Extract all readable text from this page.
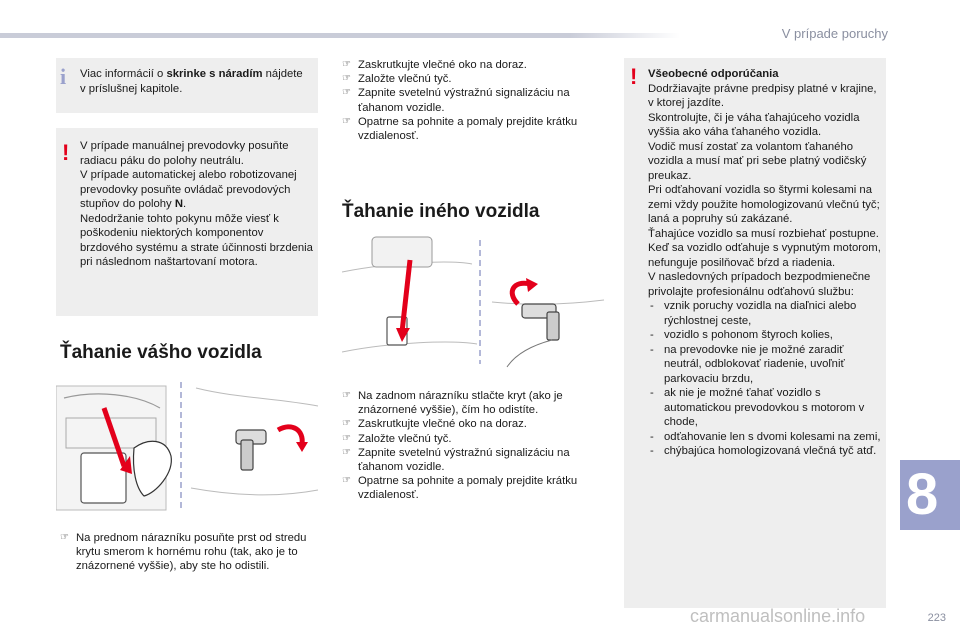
V prípade poruchy
i Viac informácií o skrinke s náradím nájdete v príslušnej kapitole.
! V prípade manuálnej prevodovky posuňte radiacu páku do polohy neutrálu.
V prípade automatickej alebo robotizovanej prevodovky posuňte ovládač prevodových stupňov do polohy N.
Nedodržanie tohto pokynu môže viesť k poškodeniu niektorých komponentov brzdového systému a strate účinnosti brzdenia pri následnom naštartovaní motora.
Ťahanie vášho vozidla
☞ Na prednom nárazníku posuňte prst od stredu krytu smerom k hornému rohu (tak, ako je to znázornené vyššie), aby ste ho odistili.
☞ Zaskrutkujte vlečné oko na doraz.
☞ Založte vlečnú tyč.
☞ Zapnite svetelnú výstražnú signalizáciu na ťahanom vozidle.
☞ Opatrne sa pohnite a pomaly prejdite krátku vzdialenosť.
Ťahanie iného vozidla
☞ Na zadnom nárazníku stlačte kryt (ako je znázornené vyššie), čím ho odistíte.
☞ Zaskrutkujte vlečné oko na doraz.
☞ Založte vlečnú tyč.
☞ Zapnite svetelnú výstražnú signalizáciu na ťahanom vozidle.
☞ Opatrne sa pohnite a pomaly prejdite krátku vzdialenosť.
! Všeobecné odporúčania
Dodržiavajte právne predpisy platné v krajine, v ktorej jazdíte.
Skontrolujte, či je váha ťahajúceho vozidla vyššia ako váha ťahaného vozidla.
Vodič musí zostať za volantom ťahaného vozidla a musí mať pri sebe platný vodičský preukaz.
Pri odťahovaní vozidla so štyrmi kolesami na zemi vždy použite homologizovanú vlečnú tyč; laná a popruhy sú zakázané.
Ťahajúce vozidlo sa musí rozbiehať postupne.
Keď sa vozidlo odťahuje s vypnutým motorom, nefunguje posilňovač bŕzd a riadenia.
V nasledovných prípadoch bezpodmienečne privolajte profesionálnu odťahovú službu:
- vznik poruchy vozidla na diaľnici alebo rýchlostnej ceste,
- vozidlo s pohonom štyroch kolies,
- na prevodovke nie je možné zaradiť neutrál, odblokovať riadenie, uvoľniť parkovaciu brzdu,
- ak nie je možné ťahať vozidlo s automatickou prevodovkou s motorom v chode,
- odťahovanie len s dvomi kolesami na zemi,
- chýbajúca homologizovaná vlečná tyč atď.
8
carmanualsonline.info	223
